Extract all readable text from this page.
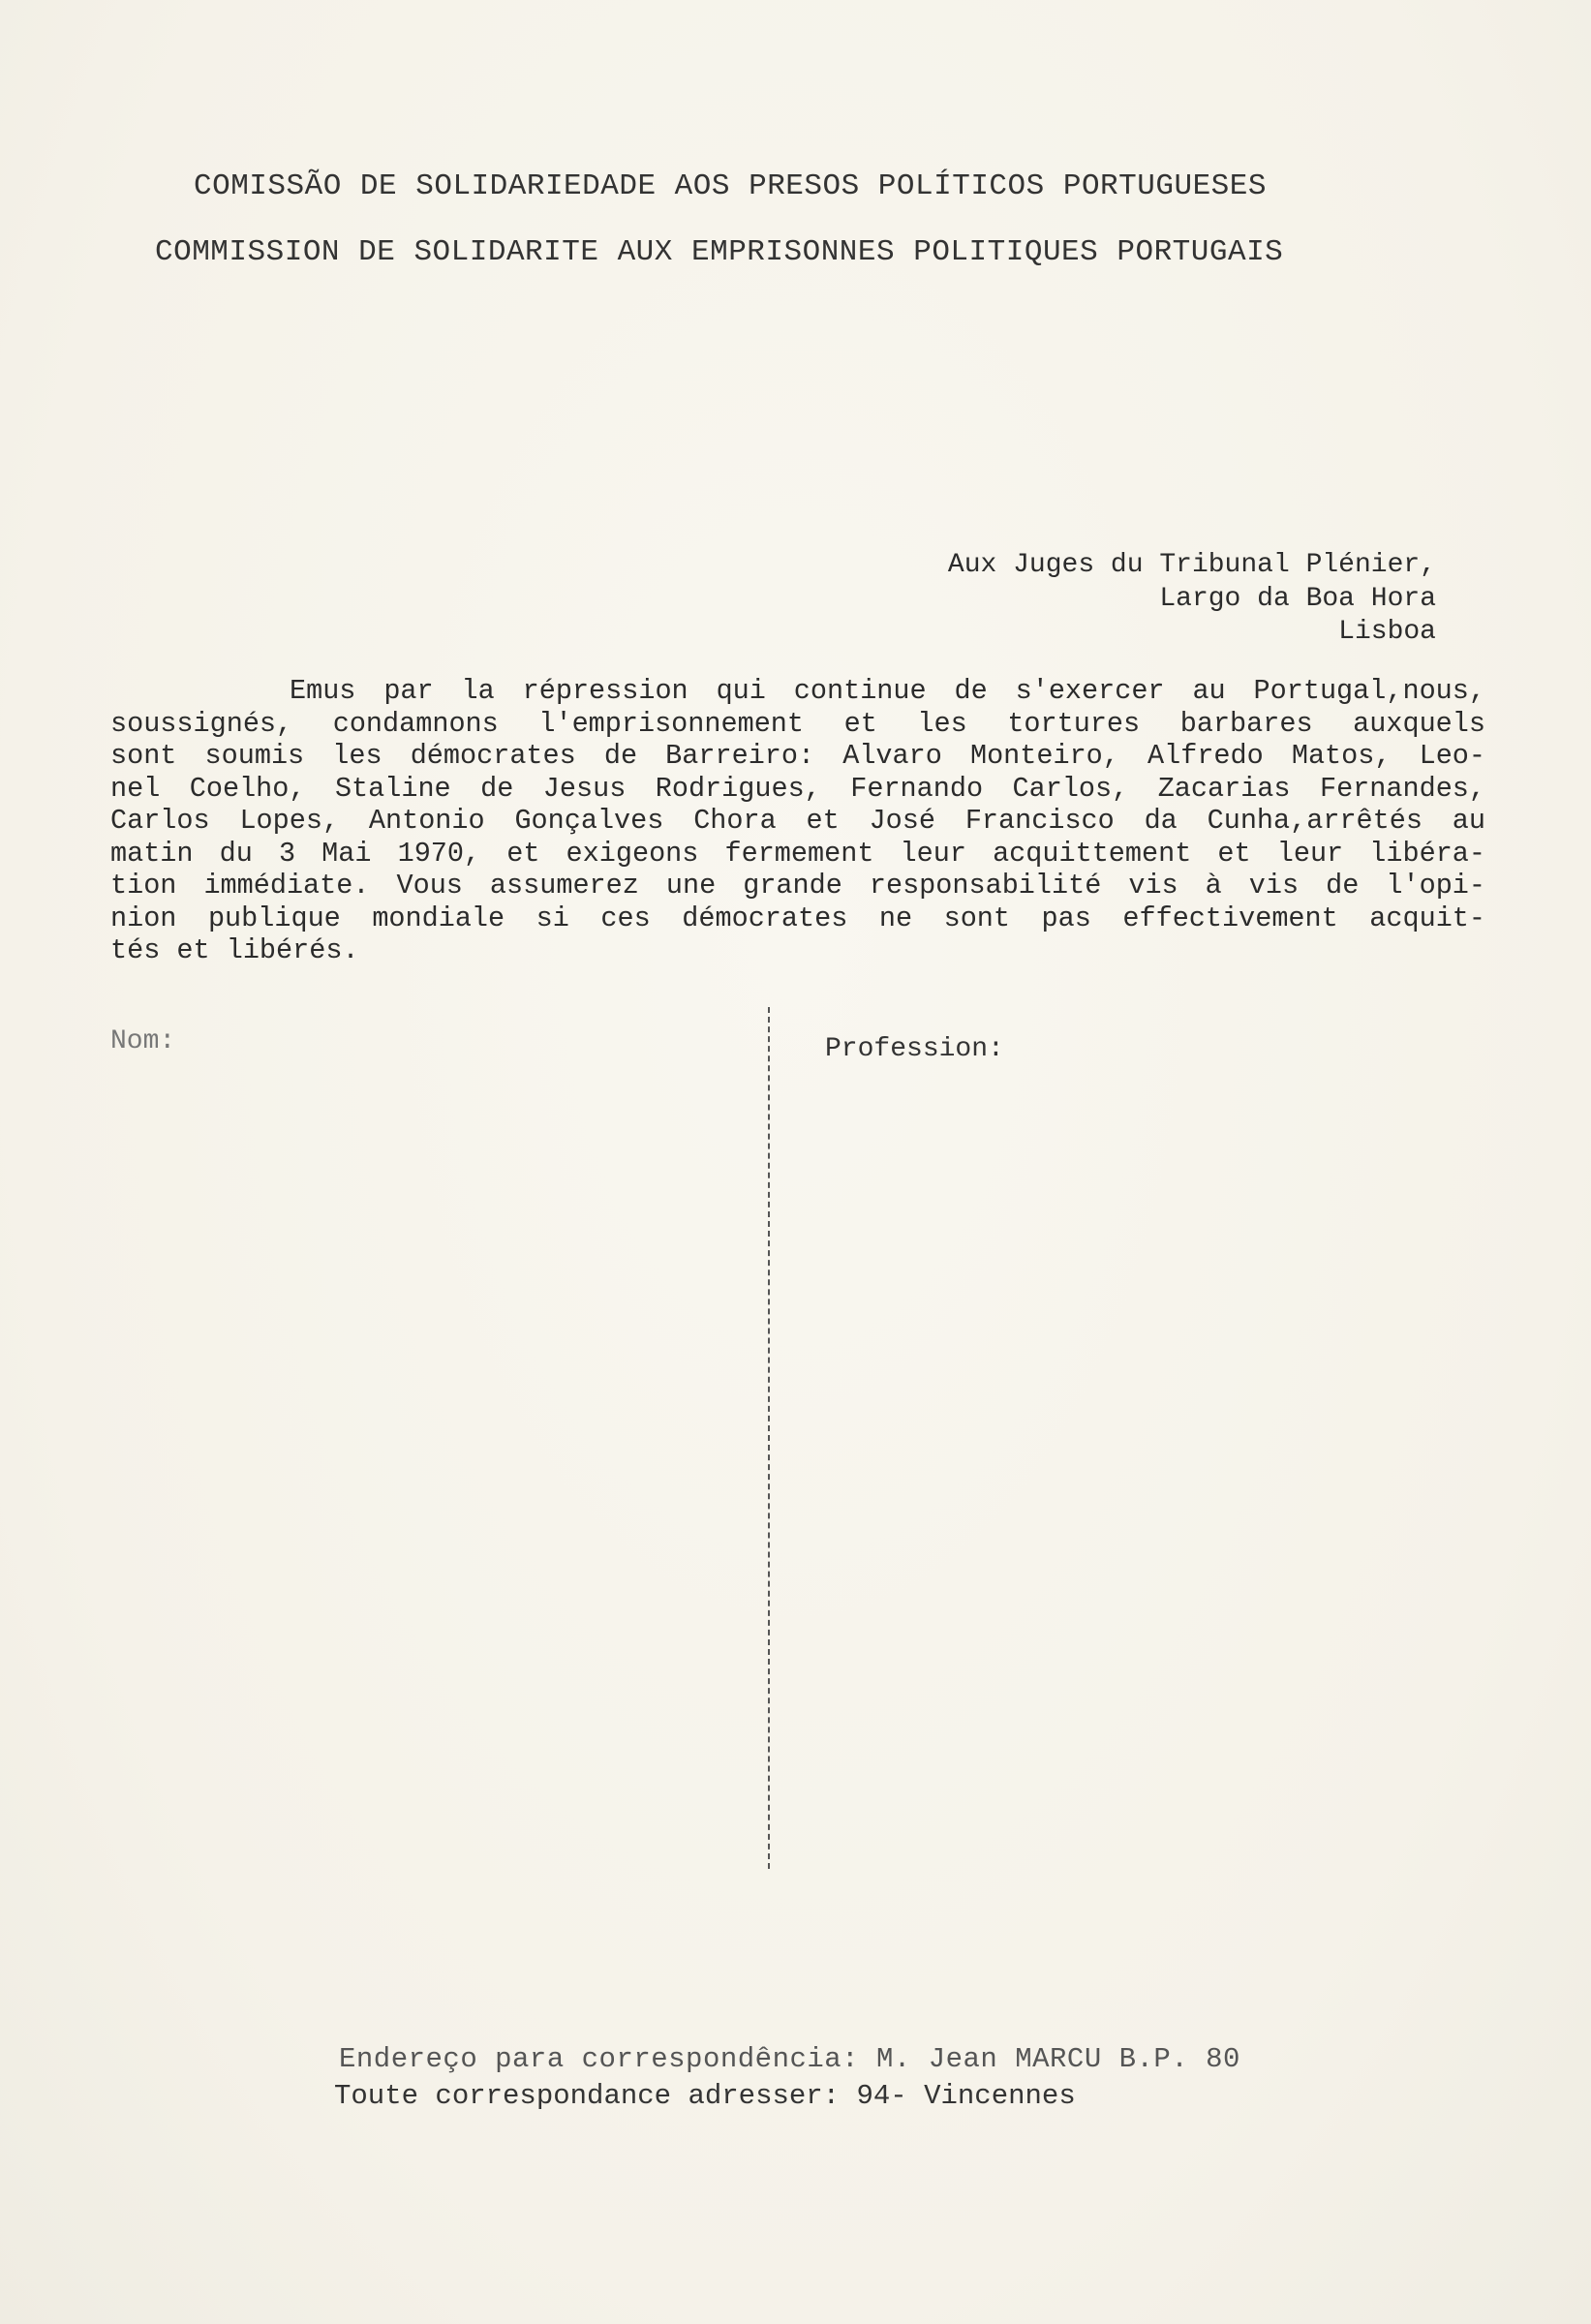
COMISSÃO DE SOLIDARIEDADE AOS PRESOS POLÍTICOS PORTUGUESES
COMMISSION DE SOLIDARITE AUX EMPRISONNES POLITIQUES PORTUGAIS
Aux Juges du Tribunal Plénier,
Largo da Boa Hora
Lisboa
Emus par la répression qui continue de s'exercer au Portugal,nous,
soussignés, condamnons l'emprisonnement et les tortures barbares auxquels
sont soumis les démocrates de Barreiro: Alvaro Monteiro, Alfredo Matos, Leo-
nel Coelho, Staline de Jesus Rodrigues, Fernando Carlos, Zacarias Fernandes,
Carlos Lopes, Antonio Gonçalves Chora et José Francisco da Cunha,arrêtés au
matin du 3 Mai 1970, et exigeons fermement leur acquittement et leur libéra-
tion immédiate. Vous assumerez une grande responsabilité vis à vis de l'opi-
nion publique mondiale si ces démocrates ne sont pas effectivement acquit-
tés et libérés.
Nom:	Profession:
Endereço para correspondência: M. Jean MARCU B.P. 80
Toute correspondance adresser: 94- Vincennes
